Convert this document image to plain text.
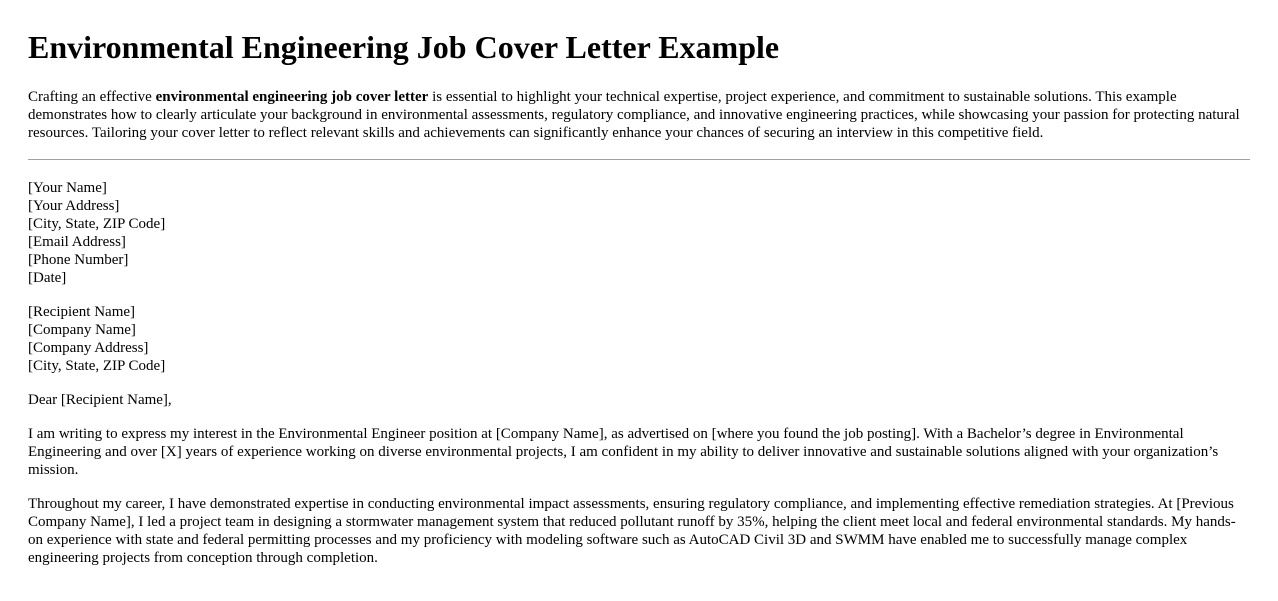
Environmental Engineering Job Cover Letter Example

Crafting an effective environmental engineering job cover letter is essential to highlight your technical expertise, project experience, and commitment to sustainable solutions. This example demonstrates how to clearly articulate your background in environmental assessments, regulatory compliance, and innovative engineering practices, while showcasing your passion for protecting natural resources. Tailoring your cover letter to reflect relevant skills and achievements can significantly enhance your chances of securing an interview in this competitive field.

[Your Name]
[Your Address]
[City, State, ZIP Code]
[Email Address]
[Phone Number]
[Date]
[Recipient Name]
[Company Name]
[Company Address]
[City, State, ZIP Code]

Dear [Recipient Name],

I am writing to express my interest in the Environmental Engineer position at [Company Name], as advertised on [where you found the job posting]. With a Bachelor’s degree in Environmental Engineering and over [X] years of experience working on diverse environmental projects, I am confident in my ability to deliver innovative and sustainable solutions aligned with your organization’s mission.

Throughout my career, I have demonstrated expertise in conducting environmental impact assessments, ensuring regulatory compliance, and implementing effective remediation strategies. At [Previous Company Name], I led a project team in designing a stormwater management system that reduced pollutant runoff by 35%, helping the client meet local and federal environmental standards. My hands-on experience with state and federal permitting processes and my proficiency with modeling software such as AutoCAD Civil 3D and SWMM have enabled me to successfully manage complex engineering projects from conception through completion.
